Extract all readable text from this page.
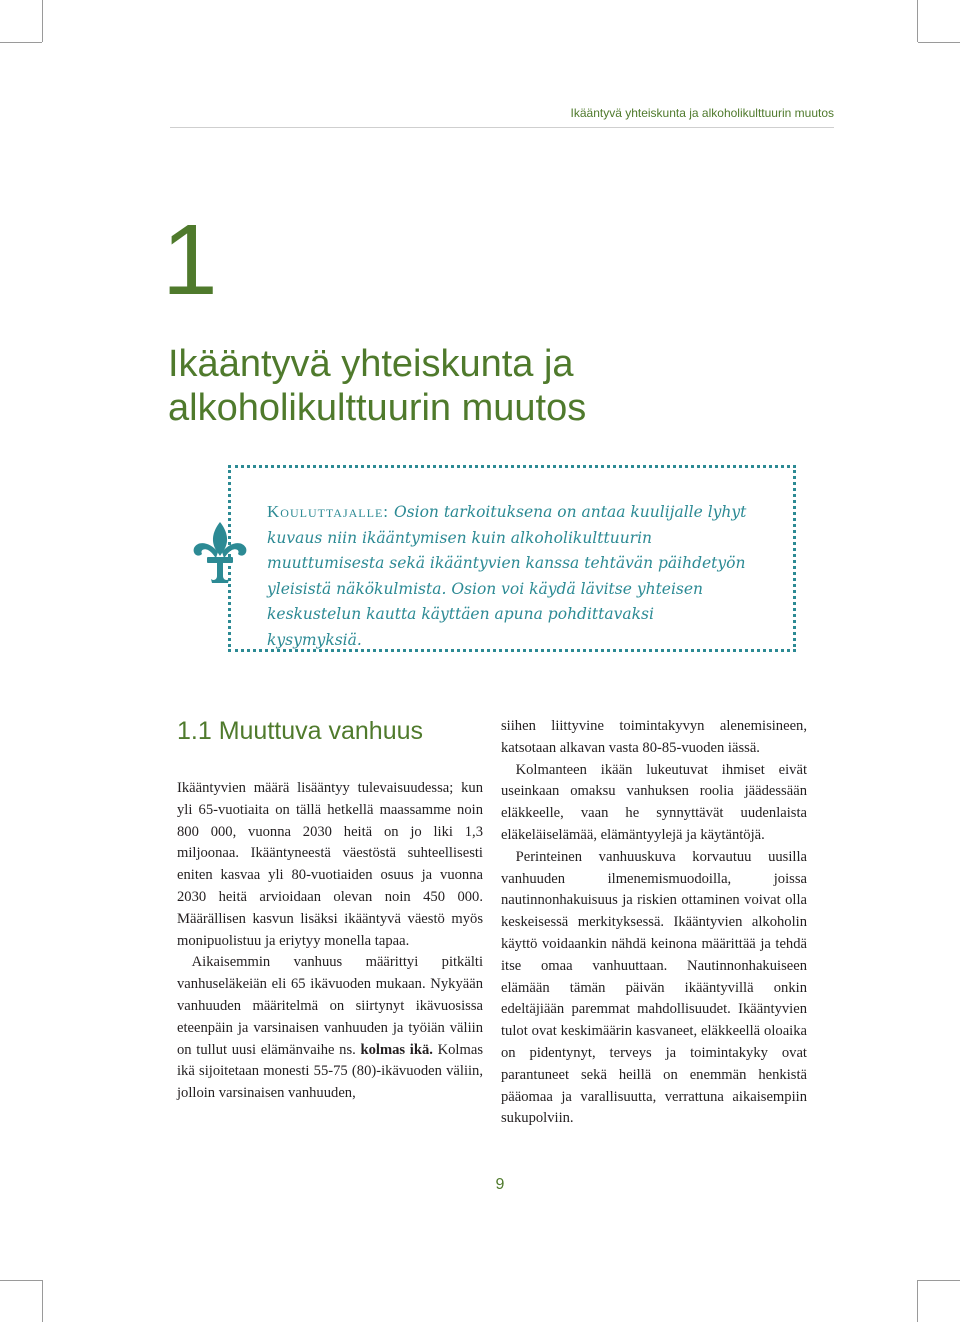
Ikääntyvä yhteiskunta ja alkoholikulttuurin muutos
1
Ikääntyvä yhteiskunta ja alkoholikulttuurin muutos

Kouluttajalle: Osion tarkoituksena on antaa kuulijalle lyhyt kuvaus niin ikääntymisen kuin alkoholikulttuurin muuttumisesta sekä ikääntyvien kanssa tehtävän päihdetyön yleisistä näkökulmista. Osion voi käydä lävitse yhteisen keskustelun kautta käyttäen apuna pohdittavaksi kysymyksiä.

1.1 Muuttuva vanhuus

Ikääntyvien määrä lisääntyy tulevaisuudessa; kun yli 65-vuotiaita on tällä hetkellä maassamme noin 800 000, vuonna 2030 heitä on jo liki 1,3 miljoonaa. Ikääntyneestä väestöstä suhteellisesti eniten kasvaa yli 80-vuotiaiden osuus ja vuonna 2030 heitä arvioidaan olevan noin 450 000. Määrällisen kasvun lisäksi ikääntyvä väestö myös monipuolistuu ja eriytyy monella tapaa.

Aikaisemmin vanhuus määrittyi pitkälti vanhuseläkeiän eli 65 ikävuoden mukaan. Nykyään vanhuuden määritelmä on siirtynyt ikävuosissa eteenpäin ja varsinaisen vanhuuden ja työiän väliin on tullut uusi elämänvaihe ns. kolmas ikä. Kolmas ikä sijoitetaan monesti 55-75 (80)-ikävuoden väliin, jolloin varsinaisen vanhuuden,

siihen liittyvine toimintakyvyn alenemisineen, katsotaan alkavan vasta 80-85-vuoden iässä.

Kolmanteen ikään lukeutuvat ihmiset eivät useinkaan omaksu vanhuksen roolia jäädessään eläkkeelle, vaan he synnyttävät uudenlaista eläkeläiselämää, elämäntyylejä ja käytäntöjä.

Perinteinen vanhuuskuva korvautuu uusilla vanhuuden ilmenemismuodoilla, joissa nautinnonhakuisuus ja riskien ottaminen voivat olla keskeisessä merkityksessä. Ikääntyvien alkoholin käyttö voidaankin nähdä keinona määrittää ja tehdä itse omaa vanhuuttaan. Nautinnonhakuiseen elämään tämän päivän ikääntyvillä onkin edeltäjiään paremmat mahdollisuudet. Ikääntyvien tulot ovat keskimäärin kasvaneet, eläkkeellä oloaika on pidentynyt, terveys ja toimintakyky ovat parantuneet sekä heillä on enemmän henkistä pääomaa ja varallisuutta, verrattuna aikaisempiin sukupolviin.

9
